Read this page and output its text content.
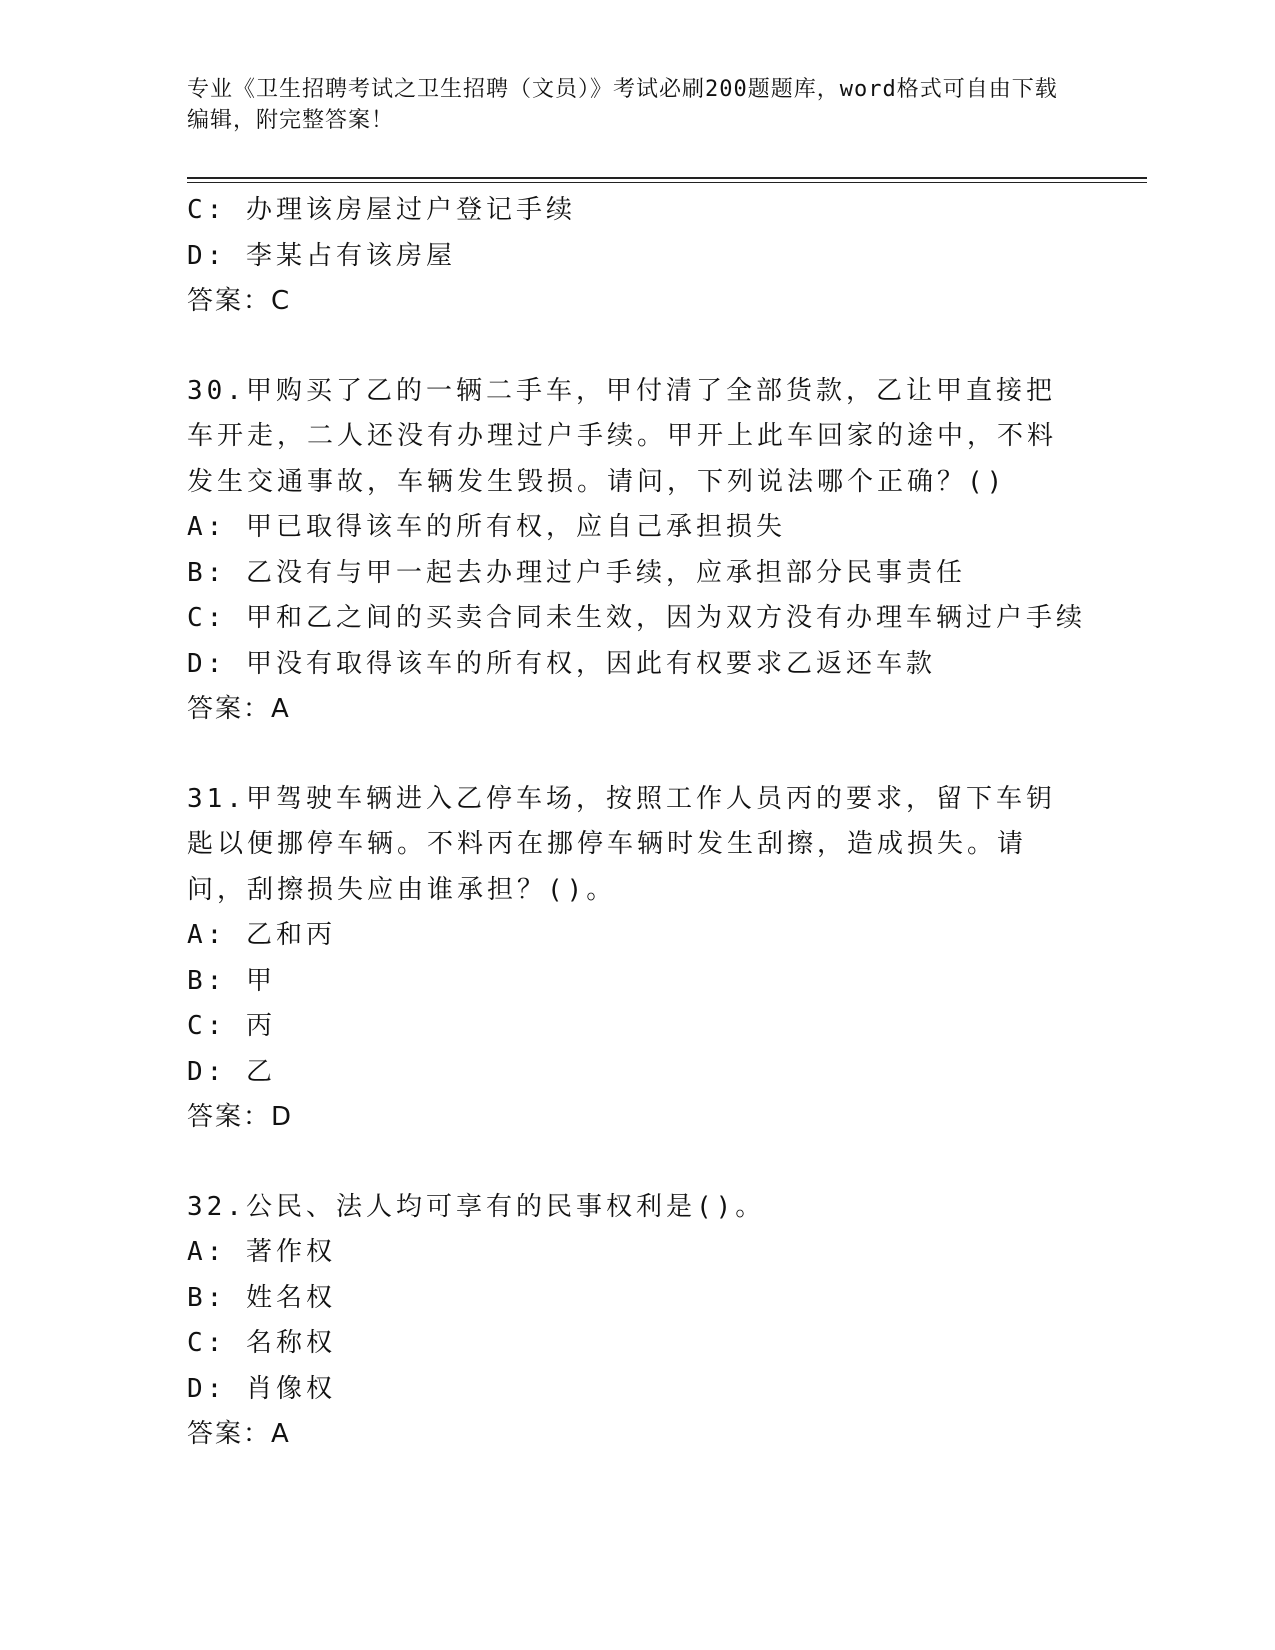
专业《卫生招聘考试之卫生招聘（文员）》考试必刷200题题库，word格式可自由下载编辑，附完整答案！
C: 办理该房屋过户登记手续
D: 李某占有该房屋
答案：C
30.甲购买了乙的一辆二手车，甲付清了全部货款，乙让甲直接把车开走，二人还没有办理过户手续。甲开上此车回家的途中，不料发生交通事故，车辆发生毁损。请问，下列说法哪个正确？()
A: 甲已取得该车的所有权，应自己承担损失
B: 乙没有与甲一起去办理过户手续，应承担部分民事责任
C: 甲和乙之间的买卖合同未生效，因为双方没有办理车辆过户手续
D: 甲没有取得该车的所有权，因此有权要求乙返还车款
答案：A
31.甲驾驶车辆进入乙停车场，按照工作人员丙的要求，留下车钥匙以便挪停车辆。不料丙在挪停车辆时发生刮擦，造成损失。请问，刮擦损失应由谁承担？()。
A: 乙和丙
B: 甲
C: 丙
D: 乙
答案：D
32.公民、法人均可享有的民事权利是()。
A: 著作权
B: 姓名权
C: 名称权
D: 肖像权
答案：A
